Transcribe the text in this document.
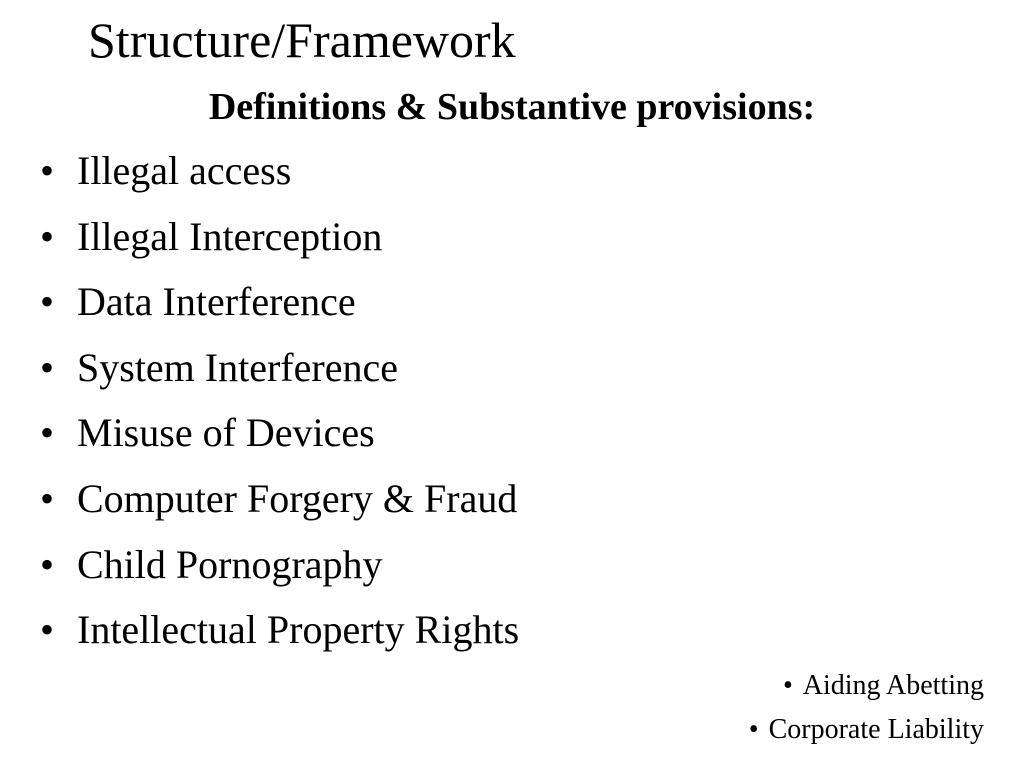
Structure/Framework
Definitions & Substantive provisions:
• Illegal access
• Illegal Interception
• Data Interference
• System Interference
• Misuse of Devices
• Computer Forgery & Fraud
• Child Pornography
• Intellectual Property Rights
• Aiding Abetting
• Corporate Liability
